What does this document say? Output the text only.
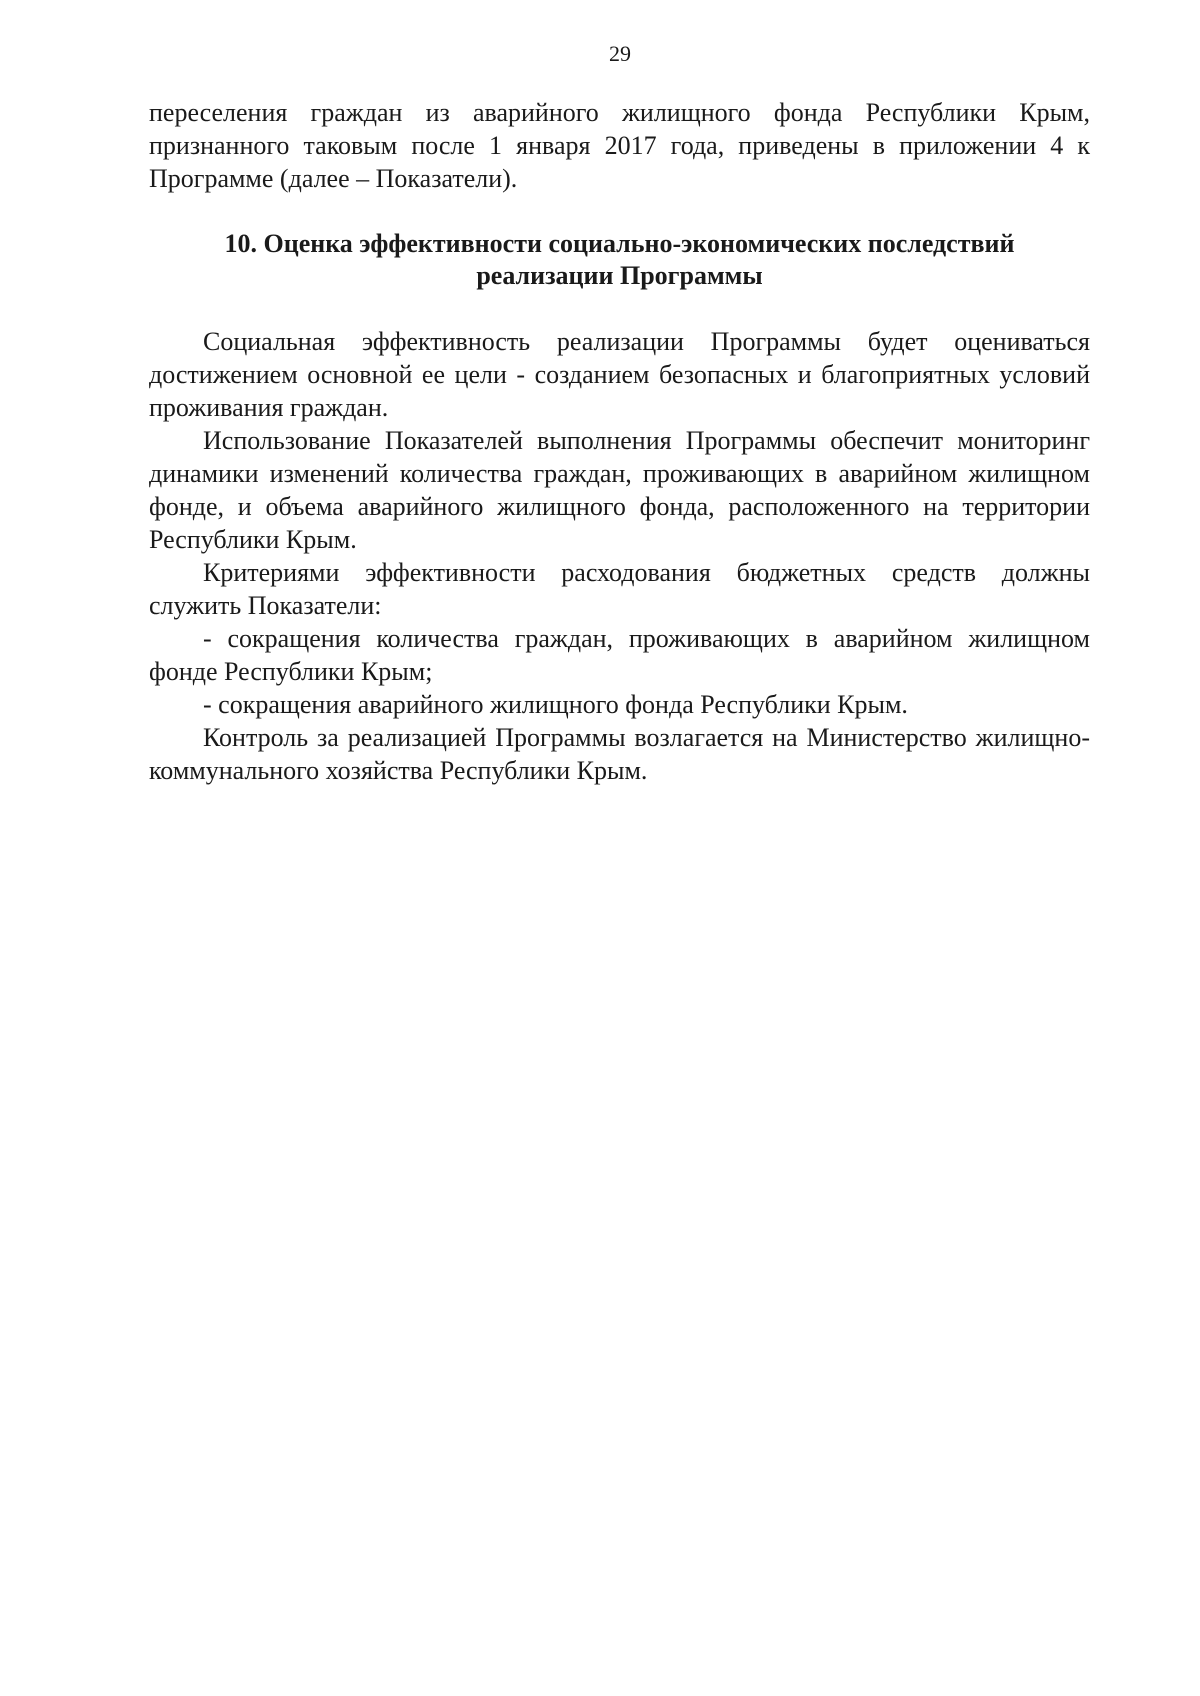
29

переселения граждан из аварийного жилищного фонда Республики Крым, признанного таковым после 1 января 2017 года, приведены в приложении 4 к Программе (далее – Показатели).

10. Оценка эффективности социально-экономических последствий
реализации Программы

Социальная эффективность реализации Программы будет оцениваться достижением основной ее цели - созданием безопасных и благоприятных условий проживания граждан.

Использование Показателей выполнения Программы обеспечит мониторинг динамики изменений количества граждан, проживающих в аварийном жилищном фонде, и объема аварийного жилищного фонда, расположенного на территории Республики Крым.

Критериями эффективности расходования бюджетных средств должны служить Показатели:

- сокращения количества граждан, проживающих в аварийном жилищном фонде Республики Крым;

- сокращения аварийного жилищного фонда Республики Крым.

Контроль за реализацией Программы возлагается на Министерство жилищно-коммунального хозяйства Республики Крым.
